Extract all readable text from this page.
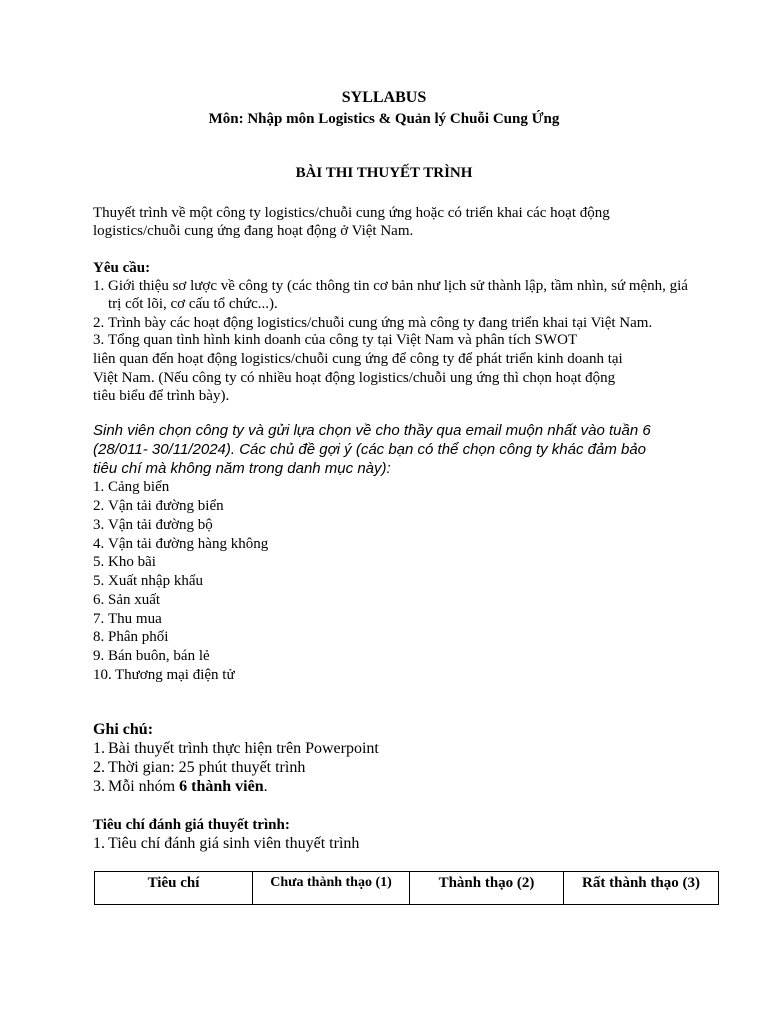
SYLLABUS
Môn: Nhập môn Logistics & Quản lý Chuỗi Cung Ứng
BÀI THI THUYẾT TRÌNH
Thuyết trình về một công ty logistics/chuỗi cung ứng hoặc có triển khai các hoạt động
logistics/chuỗi cung ứng đang hoạt động ở Việt Nam.
Yêu cầu:
1. Giới thiệu sơ lược về công ty (các thông tin cơ bản như lịch sử thành lập, tầm nhìn, sứ mệnh, giá
trị cốt lõi, cơ cấu tổ chức...).
2. Trình bày các hoạt động logistics/chuỗi cung ứng mà công ty đang triển khai tại Việt Nam.
3. Tổng quan tình hình kinh doanh của công ty tại Việt Nam và phân tích SWOT
liên quan đến hoạt động logistics/chuỗi cung ứng để công ty để phát triển kinh doanh tại
Việt Nam. (Nếu công ty có nhiều hoạt động logistics/chuỗi ung ứng thì chọn hoạt động
tiêu biểu để trình bày).
Sinh viên chọn công ty và gửi lựa chọn về cho thầy qua email muộn nhất vào tuần 6
(28/011- 30/11/2024). Các chủ đề gợi ý (các bạn có thể chọn công ty khác đảm bảo
tiêu chí mà không năm trong danh mục này):
1. Cảng biển
2. Vận tải đường biển
3. Vận tải đường bộ
4. Vận tải đường hàng không
5. Kho bãi
5. Xuất nhập khẩu
6. Sản xuất
7. Thu mua
8. Phân phối
9. Bán buôn, bán lẻ
10. Thương mại điện tử
Ghi chú:
1. Bài thuyết trình thực hiện trên Powerpoint
2. Thời gian: 25 phút thuyết trình
3. Mỗi nhóm 6 thành viên.
Tiêu chí đánh giá thuyết trình:
1. Tiêu chí đánh giá sinh viên thuyết trình
Tiêu chí	Chưa thành thạo (1)	Thành thạo (2)	Rất thành thạo (3)
